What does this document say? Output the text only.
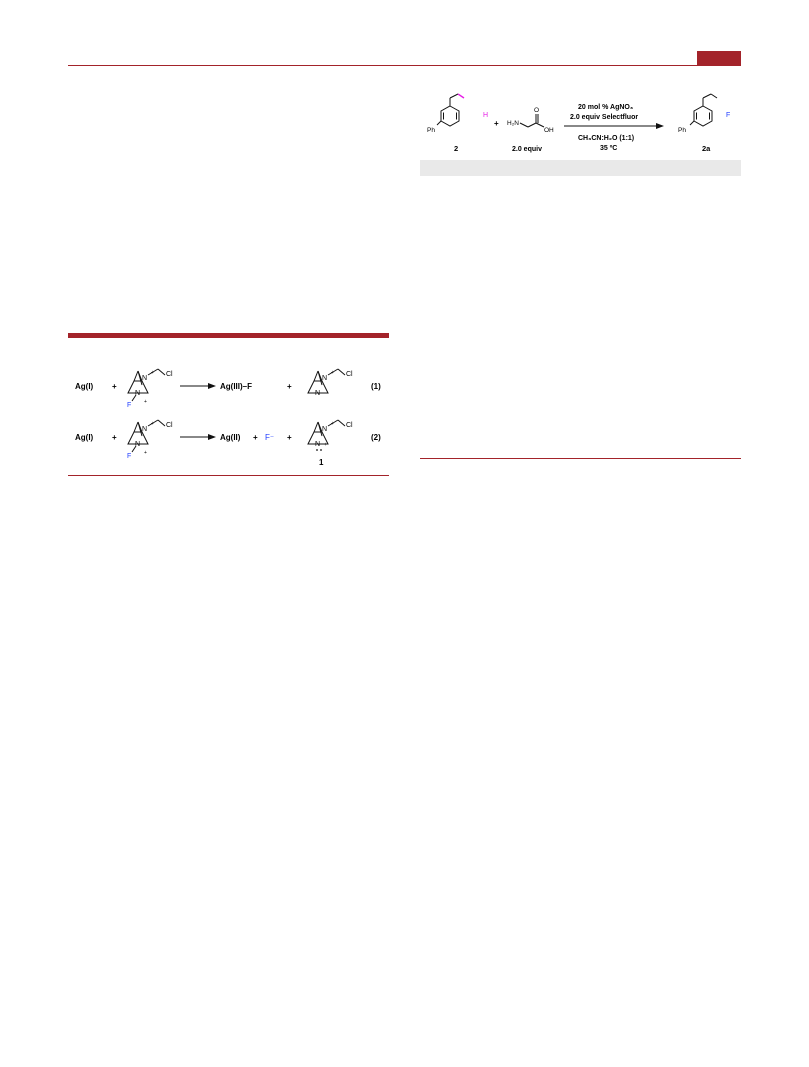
H
Ph
2
+ H₂N
O
OH
2.0 equiv
20 mol % AgNO₃
2.0 equiv Selectfluor
CH₃CN:H₂O (1:1)
35 ºC
F
Ph
2a
Ag(I) +
N
+
N
+
F
Cl
Ag(III)–F	+
N
+
N
Cl
(1)
Ag(I) +
N
+
N
+
F
Cl
Ag(II) + F⁻ +
N
+
N +
Cl
1
(2)
